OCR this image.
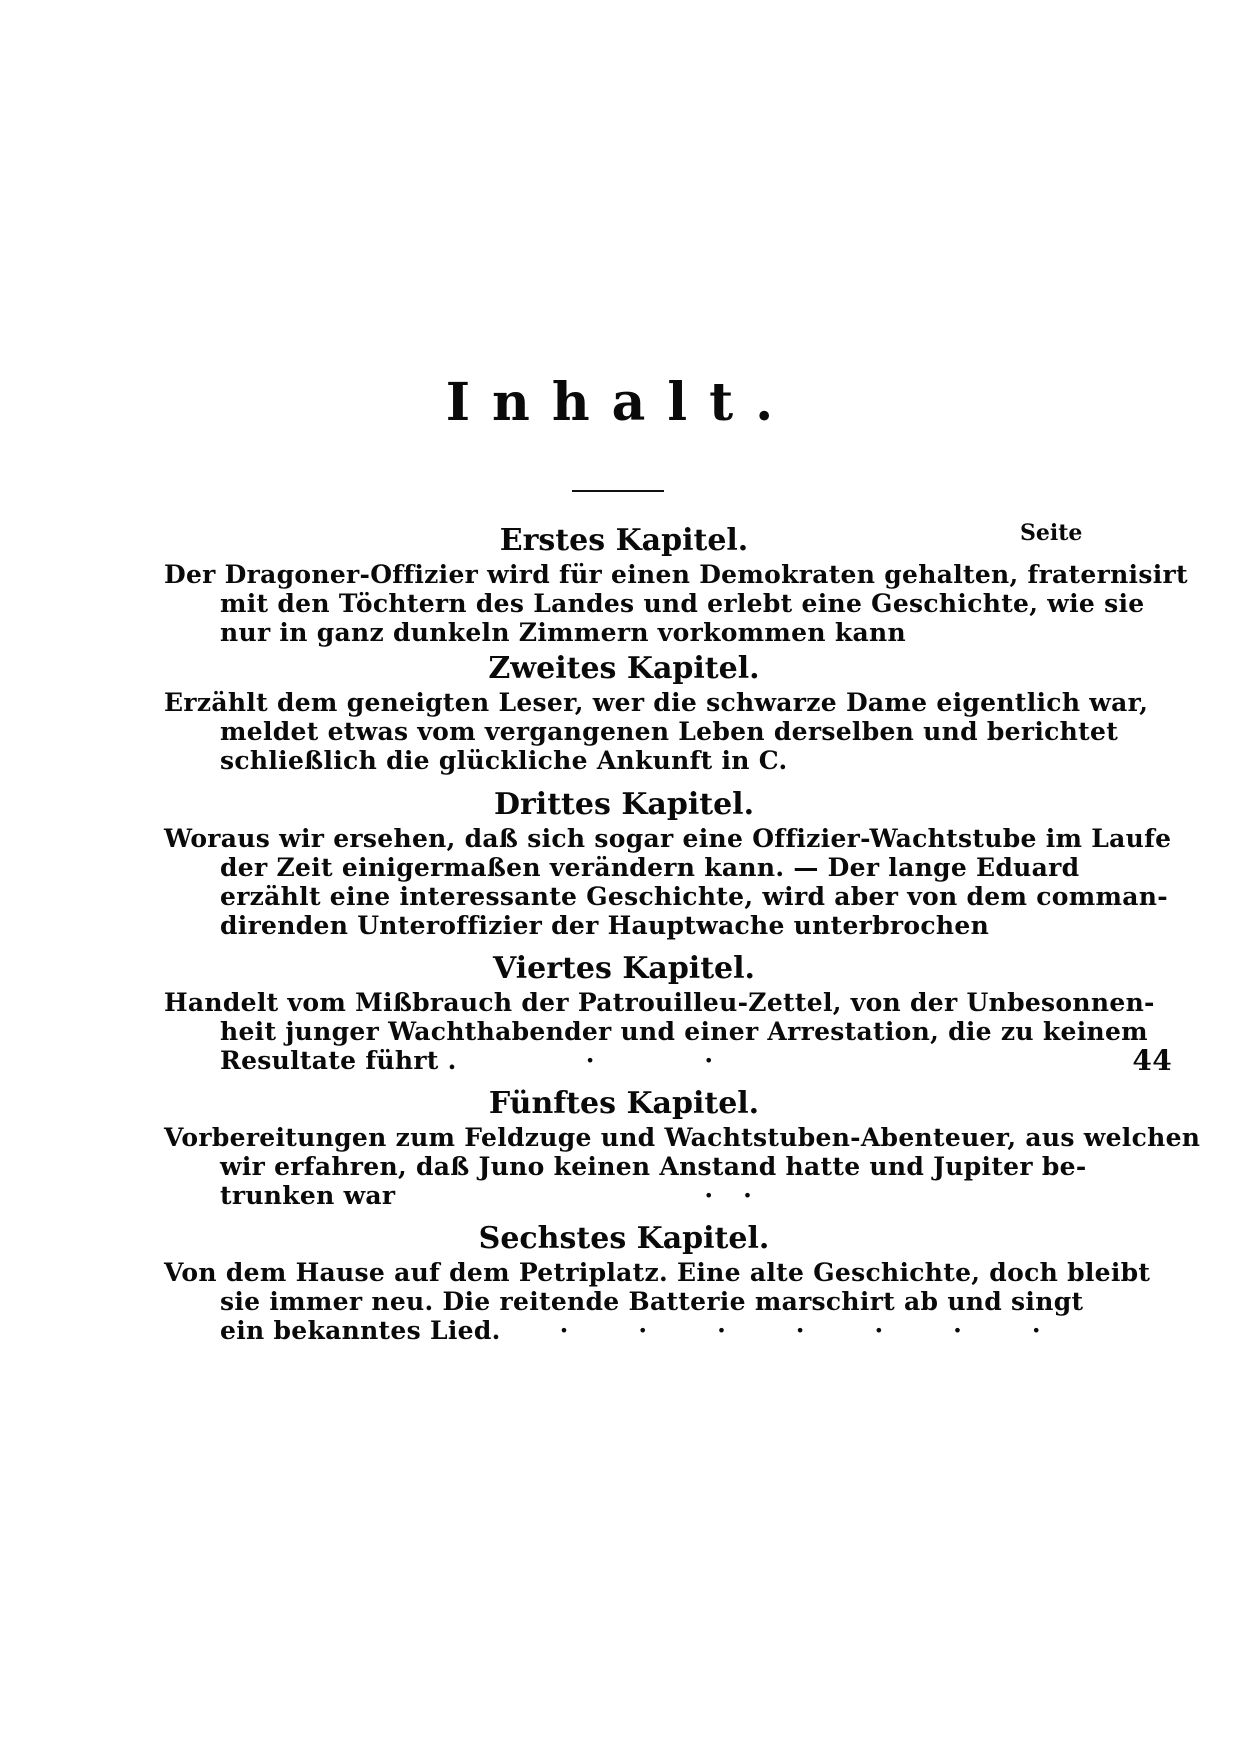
Inhalt.
Seite
Erstes Kapitel.
Der Dragoner-Offizier wird für einen Demokraten gehalten, fraternisirt
mit den Töchtern des Landes und erlebt eine Geschichte, wie sie
nur in ganz dunkeln Zimmern vorkommen kann
Zweites Kapitel.
Erzählt dem geneigten Leser, wer die schwarze Dame eigentlich war,
meldet etwas vom vergangenen Leben derselben und berichtet
schließlich die glückliche Ankunft in C.
Drittes Kapitel.
Woraus wir ersehen, daß sich sogar eine Offizier-Wachtstube im Laufe
der Zeit einigermaßen verändern kann. — Der lange Eduard
erzählt eine interessante Geschichte, wird aber von dem comman-
direnden Unteroffizier der Hauptwache unterbrochen
Viertes Kapitel.
Handelt vom Mißbrauch der Patrouilleu-Zettel, von der Unbesonnen-
heit junger Wachthabender und einer Arrestation, die zu keinem
Resultate führt .	··	44
Fünftes Kapitel.
Vorbereitungen zum Feldzuge und Wachtstuben-Abenteuer, aus welchen
wir erfahren, daß Juno keinen Anstand hatte und Jupiter be-
trunken war	··
Sechstes Kapitel.
Von dem Hause auf dem Petriplatz. Eine alte Geschichte, doch bleibt
sie immer neu. Die reitende Batterie marschirt ab und singt
ein bekanntes Lied. ·······
